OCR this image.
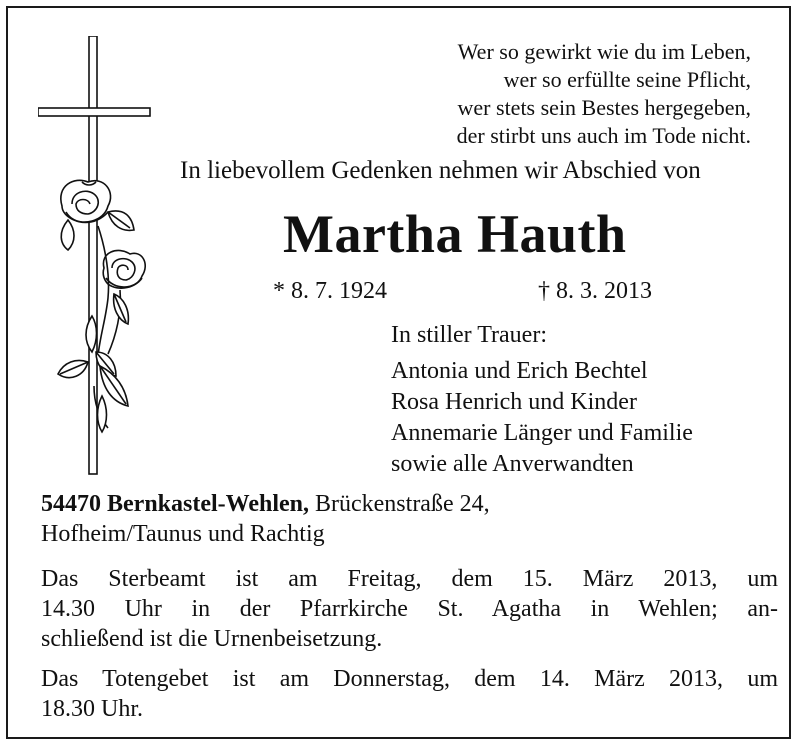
Wer so gewirkt wie du im Leben,
wer so erfüllte seine Pflicht,
wer stets sein Bestes hergegeben,
der stirbt uns auch im Tode nicht.
In liebevollem Gedenken nehmen wir Abschied von
Martha Hauth
* 8. 7. 1924	† 8. 3. 2013
In stiller Trauer:
Antonia und Erich Bechtel
Rosa Henrich und Kinder
Annemarie Länger und Familie
sowie alle Anverwandten
54470 Bernkastel-Wehlen, Brückenstraße 24,
Hofheim/Taunus und Rachtig
Das Sterbeamt ist am Freitag, dem 15. März 2013, um
14.30 Uhr in der Pfarrkirche St. Agatha in Wehlen; an-
schließend ist die Urnenbeisetzung.
Das Totengebet ist am Donnerstag, dem 14. März 2013, um
18.30 Uhr.
